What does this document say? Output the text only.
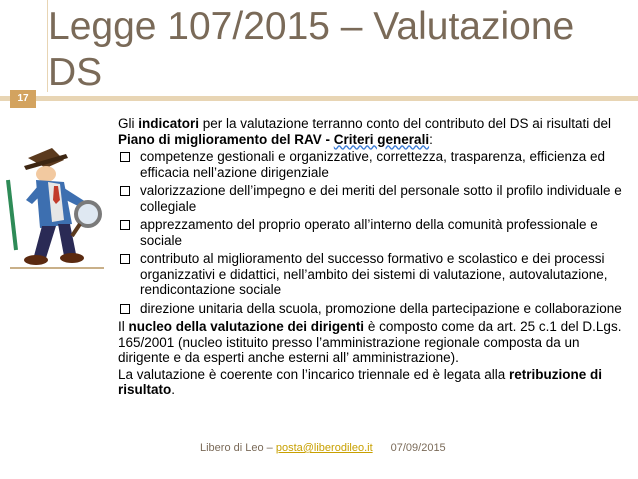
Legge 107/2015 – Valutazione
DS
17

Gli indicatori per la valutazione terranno conto del contributo del DS ai risultati del Piano di miglioramento del RAV - Criteri generali:

competenze gestionali e organizzative, correttezza, trasparenza, efficienza ed efficacia nell’azione dirigenziale
valorizzazione dell’impegno e dei meriti del personale sotto il profilo individuale e collegiale
apprezzamento del proprio operato all’interno della comunità professionale e sociale
contributo al miglioramento del successo formativo e scolastico e dei processi organizzativi e didattici, nell’ambito dei sistemi di valutazione, autovalutazione, rendicontazione sociale
direzione unitaria della scuola, promozione della partecipazione e collaborazione

Il nucleo della valutazione dei dirigenti è composto come da art. 25 c.1 del D.Lgs. 165/2001 (nucleo istituito presso l’amministrazione regionale composta da un dirigente e da esperti anche esterni all’ amministrazione).

La valutazione è coerente con l’incarico triennale ed è legata alla retribuzione di risultato.

Libero di Leo – posta@liberodileo.it 07/09/2015
